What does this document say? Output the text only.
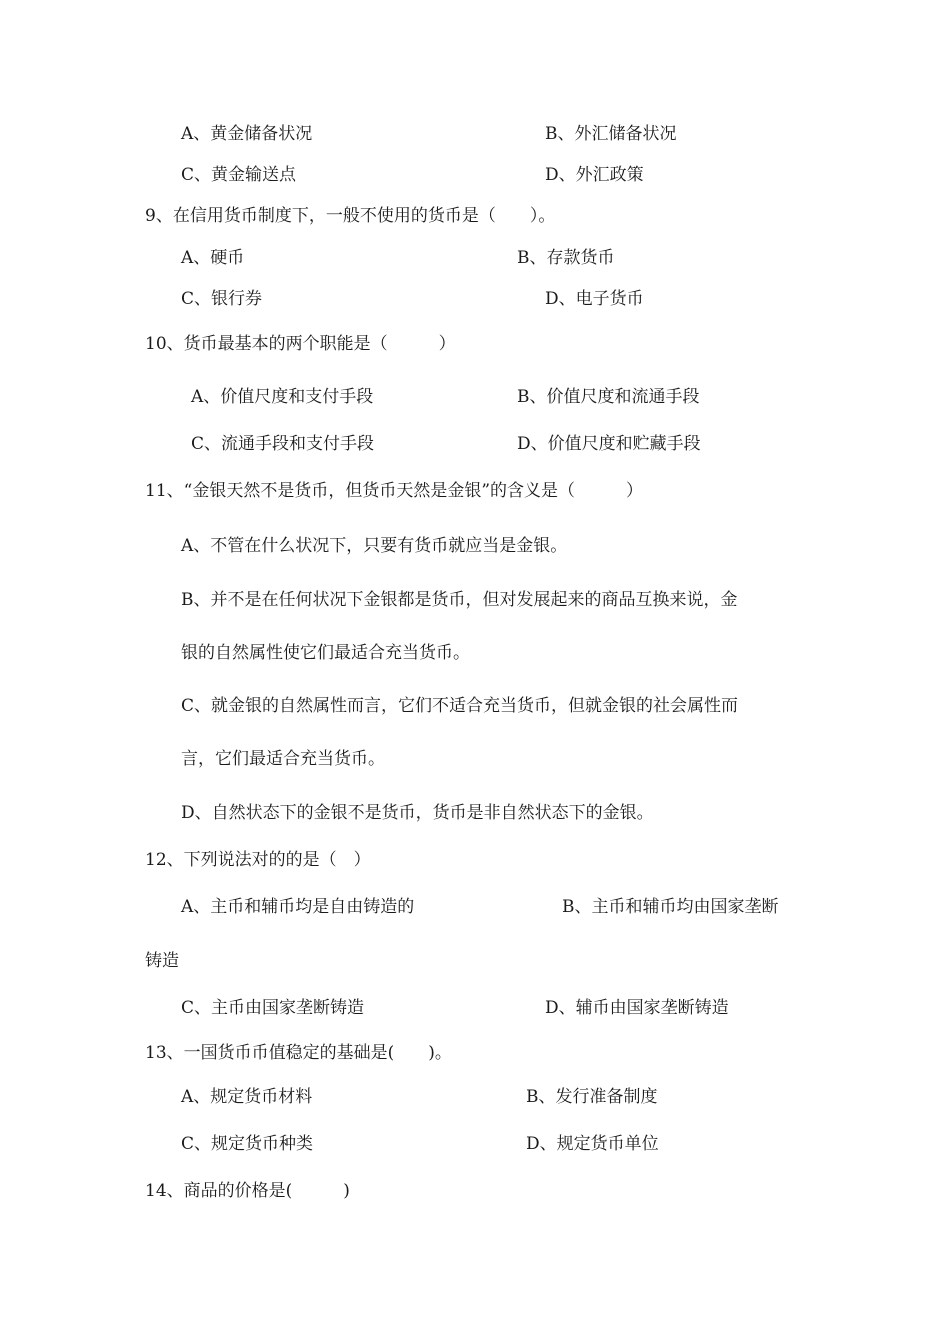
A、黄金储备状况	B、外汇储备状况
C、黄金输送点	D、外汇政策
9、在信用货币制度下，一般不使用的货币是（　　）。
A、硬币	B、存款货币
C、银行券	D、电子货币
10、货币最基本的两个职能是（　　　）
A、价值尺度和支付手段	B、价值尺度和流通手段
C、流通手段和支付手段	D、价值尺度和贮藏手段
11、“金银天然不是货币，但货币天然是金银”的含义是（　　　）
A、不管在什么状况下，只要有货币就应当是金银。
B、并不是在任何状况下金银都是货币，但对发展起来的商品互换来说，金
银的自然属性使它们最适合充当货币。
C、就金银的自然属性而言，它们不适合充当货币，但就金银的社会属性而
言，它们最适合充当货币。
D、自然状态下的金银不是货币，货币是非自然状态下的金银。
12、下列说法对的的是（　）
A、主币和辅币均是自由铸造的	B、主币和辅币均由国家垄断
铸造
C、主币由国家垄断铸造	D、辅币由国家垄断铸造
13、一国货币币值稳定的基础是(　　)。
A、规定货币材料	B、发行准备制度
C、规定货币种类	D、规定货币单位
14、商品的价格是(　　　)
